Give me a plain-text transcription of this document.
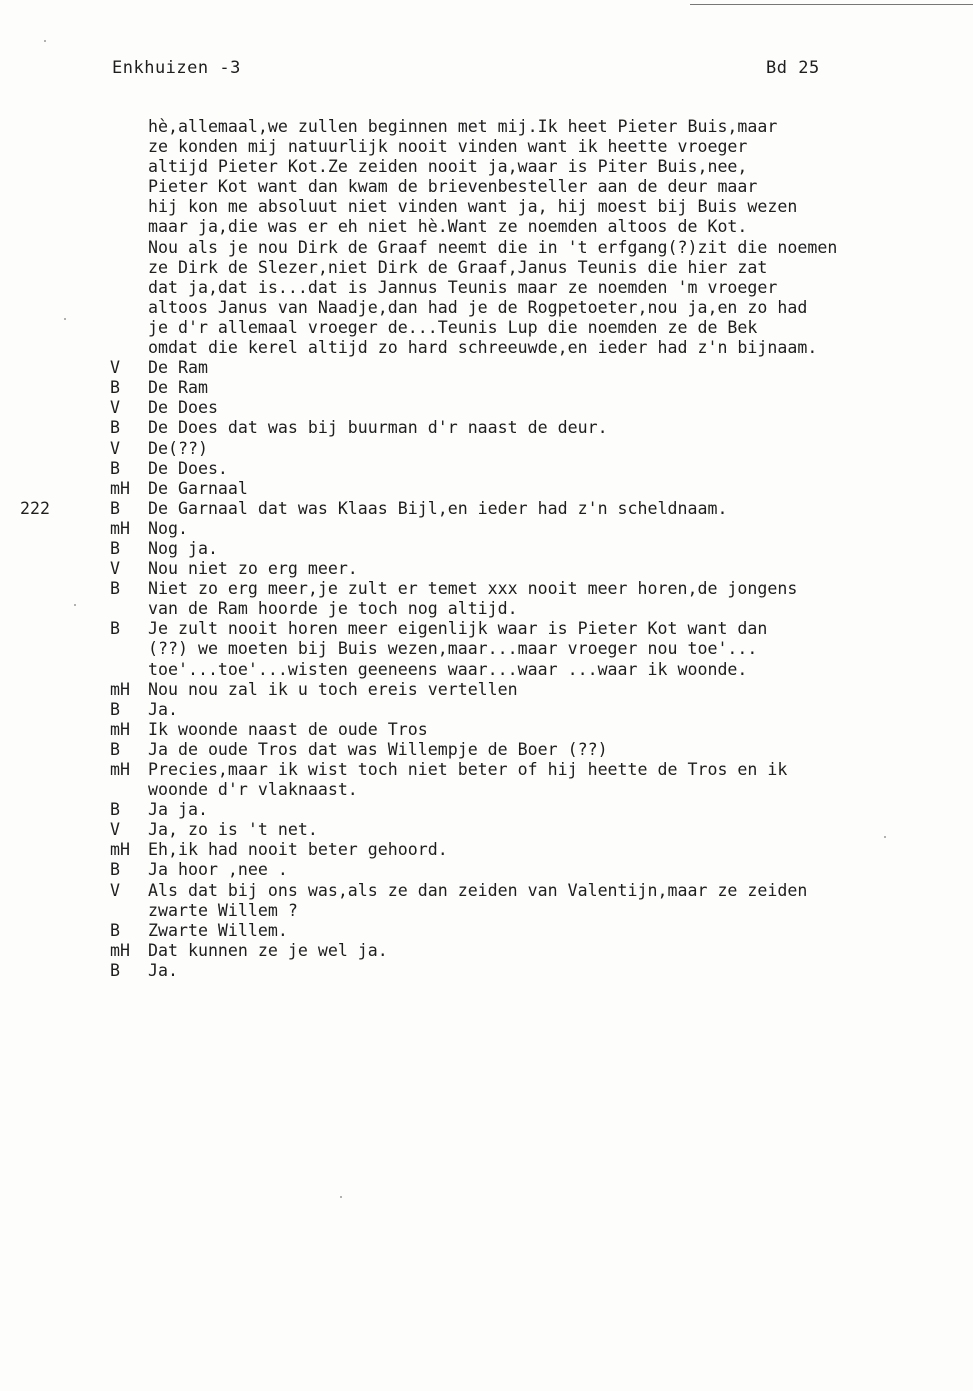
Enkhuizen -3	Bd 25
hè,allemaal,we zullen beginnen met mij.Ik heet Pieter Buis,maar
ze konden mij natuurlijk nooit vinden want ik heette vroeger
altijd Pieter Kot.Ze zeiden nooit ja,waar is Piter Buis,nee,
Pieter Kot want dan kwam de brievenbesteller aan de deur maar
hij kon me absoluut niet vinden want ja, hij moest bij Buis wezen
maar ja,die was er eh niet hè.Want ze noemden altoos de Kot.
Nou als je nou Dirk de Graaf neemt die in 't erfgang(?)zit die noemen
ze Dirk de Slezer,niet Dirk de Graaf,Janus Teunis die hier zat
dat ja,dat is...dat is Jannus Teunis maar ze noemden 'm vroeger
altoos Janus van Naadje,dan had je de Rogpetoeter,nou ja,en zo had
je d'r allemaal vroeger de...Teunis Lup die noemden ze de Bek
omdat die kerel altijd zo hard schreeuwde,en ieder had z'n bijnaam.
V De Ram
B De Ram
V De Does
B De Does dat was bij buurman d'r naast de deur.
V De(??)
B De Does.
mH De Garnaal
222	B De Garnaal dat was Klaas Bijl,en ieder had z'n scheldnaam.
mH Nog.
B Nog ja.
V Nou niet zo erg meer.
B Niet zo erg meer,je zult er temet xxx nooit meer horen,de jongens
van de Ram hoorde je toch nog altijd.
B Je zult nooit horen meer eigenlijk waar is Pieter Kot want dan
(??) we moeten bij Buis wezen,maar...maar vroeger nou toe'...
toe'...toe'...wisten geeneens waar...waar ...waar ik woonde.
mH Nou nou zal ik u toch ereis vertellen
B Ja.
mH Ik woonde naast de oude Tros
B Ja de oude Tros dat was Willempje de Boer (??)
mH Precies,maar ik wist toch niet beter of hij heette de Tros en ik
woonde d'r vlaknaast.
B Ja ja.
V Ja, zo is 't net.
mH Eh,ik had nooit beter gehoord.
B Ja hoor ,nee .
V Als dat bij ons was,als ze dan zeiden van Valentijn,maar ze zeiden
zwarte Willem ?
B Zwarte Willem.
mH Dat kunnen ze je wel ja.
B Ja.
